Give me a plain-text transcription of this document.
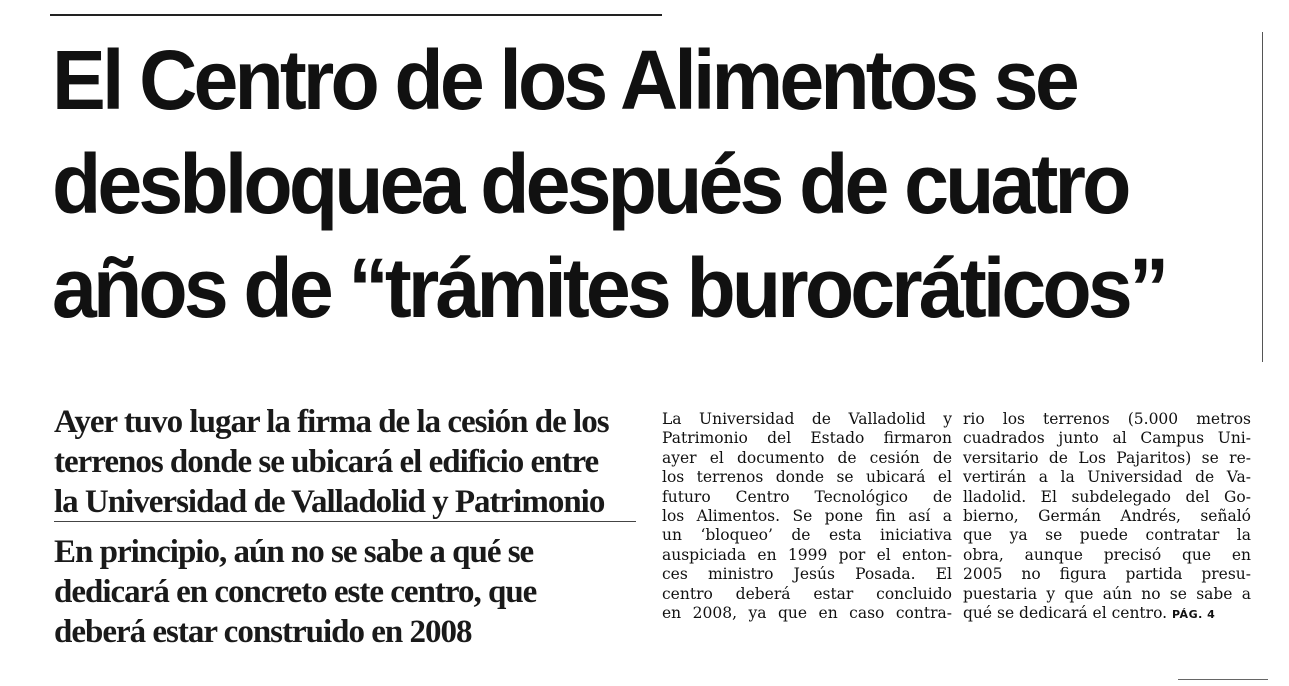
El Centro de los Alimentos se
desbloquea después de cuatro
años de “trámites burocráticos”
Ayer tuvo lugar la firma de la cesión de los
terrenos donde se ubicará el edificio entre
la Universidad de Valladolid y Patrimonio
En principio, aún no se sabe a qué se
dedicará en concreto este centro, que
deberá estar construido en 2008
La Universidad de Valladolid y
Patrimonio del Estado firmaron
ayer el documento de cesión de
los terrenos donde se ubicará el
futuro Centro Tecnológico de
los Alimentos. Se pone fin así a
un ‘bloqueo’ de esta iniciativa
auspiciada en 1999 por el enton-
ces ministro Jesús Posada. El
centro deberá estar concluido
en 2008, ya que en caso contra-
rio los terrenos (5.000 metros
cuadrados junto al Campus Uni-
versitario de Los Pajaritos) se re-
vertirán a la Universidad de Va-
lladolid. El subdelegado del Go-
bierno, Germán Andrés, señaló
que ya se puede contratar la
obra, aunque precisó que en
2005 no figura partida presu-
puestaria y que aún no se sabe a
qué se dedicará el centro. PÁG. 4
